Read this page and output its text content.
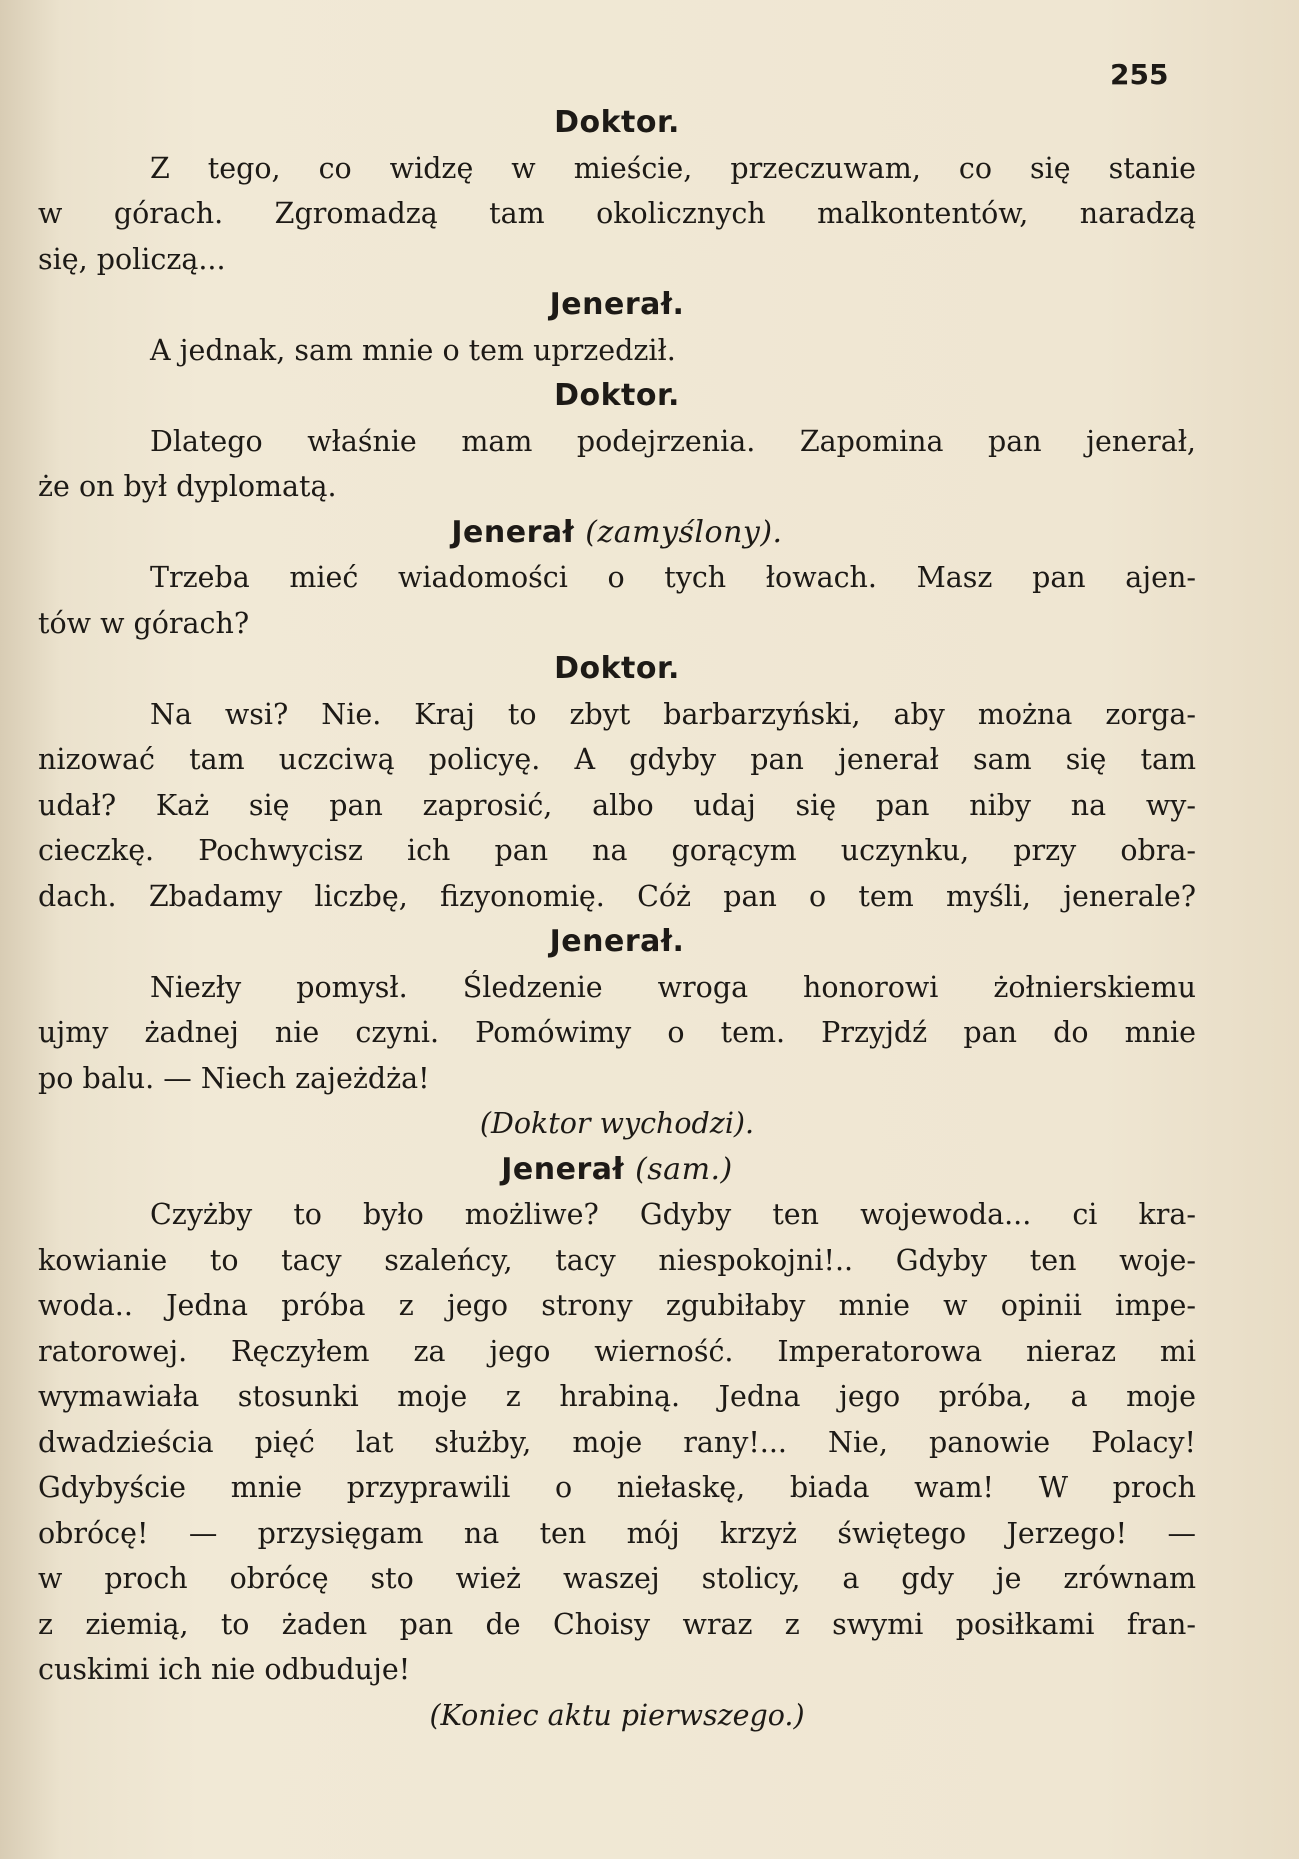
255
Doktor.
Z tego, co widzę w mieście, przeczuwam, co się stanie
w górach. Zgromadzą tam okolicznych malkontentów, naradzą
się, policzą...
Jenerał.
A jednak, sam mnie o tem uprzedził.
Doktor.
Dlatego właśnie mam podejrzenia. Zapomina pan jenerał,
że on był dyplomatą.
Jenerał (zamyślony).
Trzeba mieć wiadomości o tych łowach. Masz pan ajen-
tów w górach?
Doktor.
Na wsi? Nie. Kraj to zbyt barbarzyński, aby można zorga-
nizować tam uczciwą policyę. A gdyby pan jenerał sam się tam
udał? Każ się pan zaprosić, albo udaj się pan niby na wy-
cieczkę. Pochwycisz ich pan na gorącym uczynku, przy obra-
dach. Zbadamy liczbę, fizyonomię. Cóż pan o tem myśli, jenerale?
Jenerał.
Niezły pomysł. Śledzenie wroga honorowi żołnierskiemu
ujmy żadnej nie czyni. Pomówimy o tem. Przyjdź pan do mnie
po balu. — Niech zajeżdża!
(Doktor wychodzi).
Jenerał (sam.)
Czyżby to było możliwe? Gdyby ten wojewoda... ci kra-
kowianie to tacy szaleńcy, tacy niespokojni!.. Gdyby ten woje-
woda.. Jedna próba z jego strony zgubiłaby mnie w opinii impe-
ratorowej. Ręczyłem za jego wierność. Imperatorowa nieraz mi
wymawiała stosunki moje z hrabiną. Jedna jego próba, a moje
dwadzieścia pięć lat służby, moje rany!... Nie, panowie Polacy!
Gdybyście mnie przyprawili o niełaskę, biada wam! W proch
obrócę! — przysięgam na ten mój krzyż świętego Jerzego! —
w proch obrócę sto wież waszej stolicy, a gdy je zrównam
z ziemią, to żaden pan de Choisy wraz z swymi posiłkami fran-
cuskimi ich nie odbuduje!
(Koniec aktu pierwszego.)
